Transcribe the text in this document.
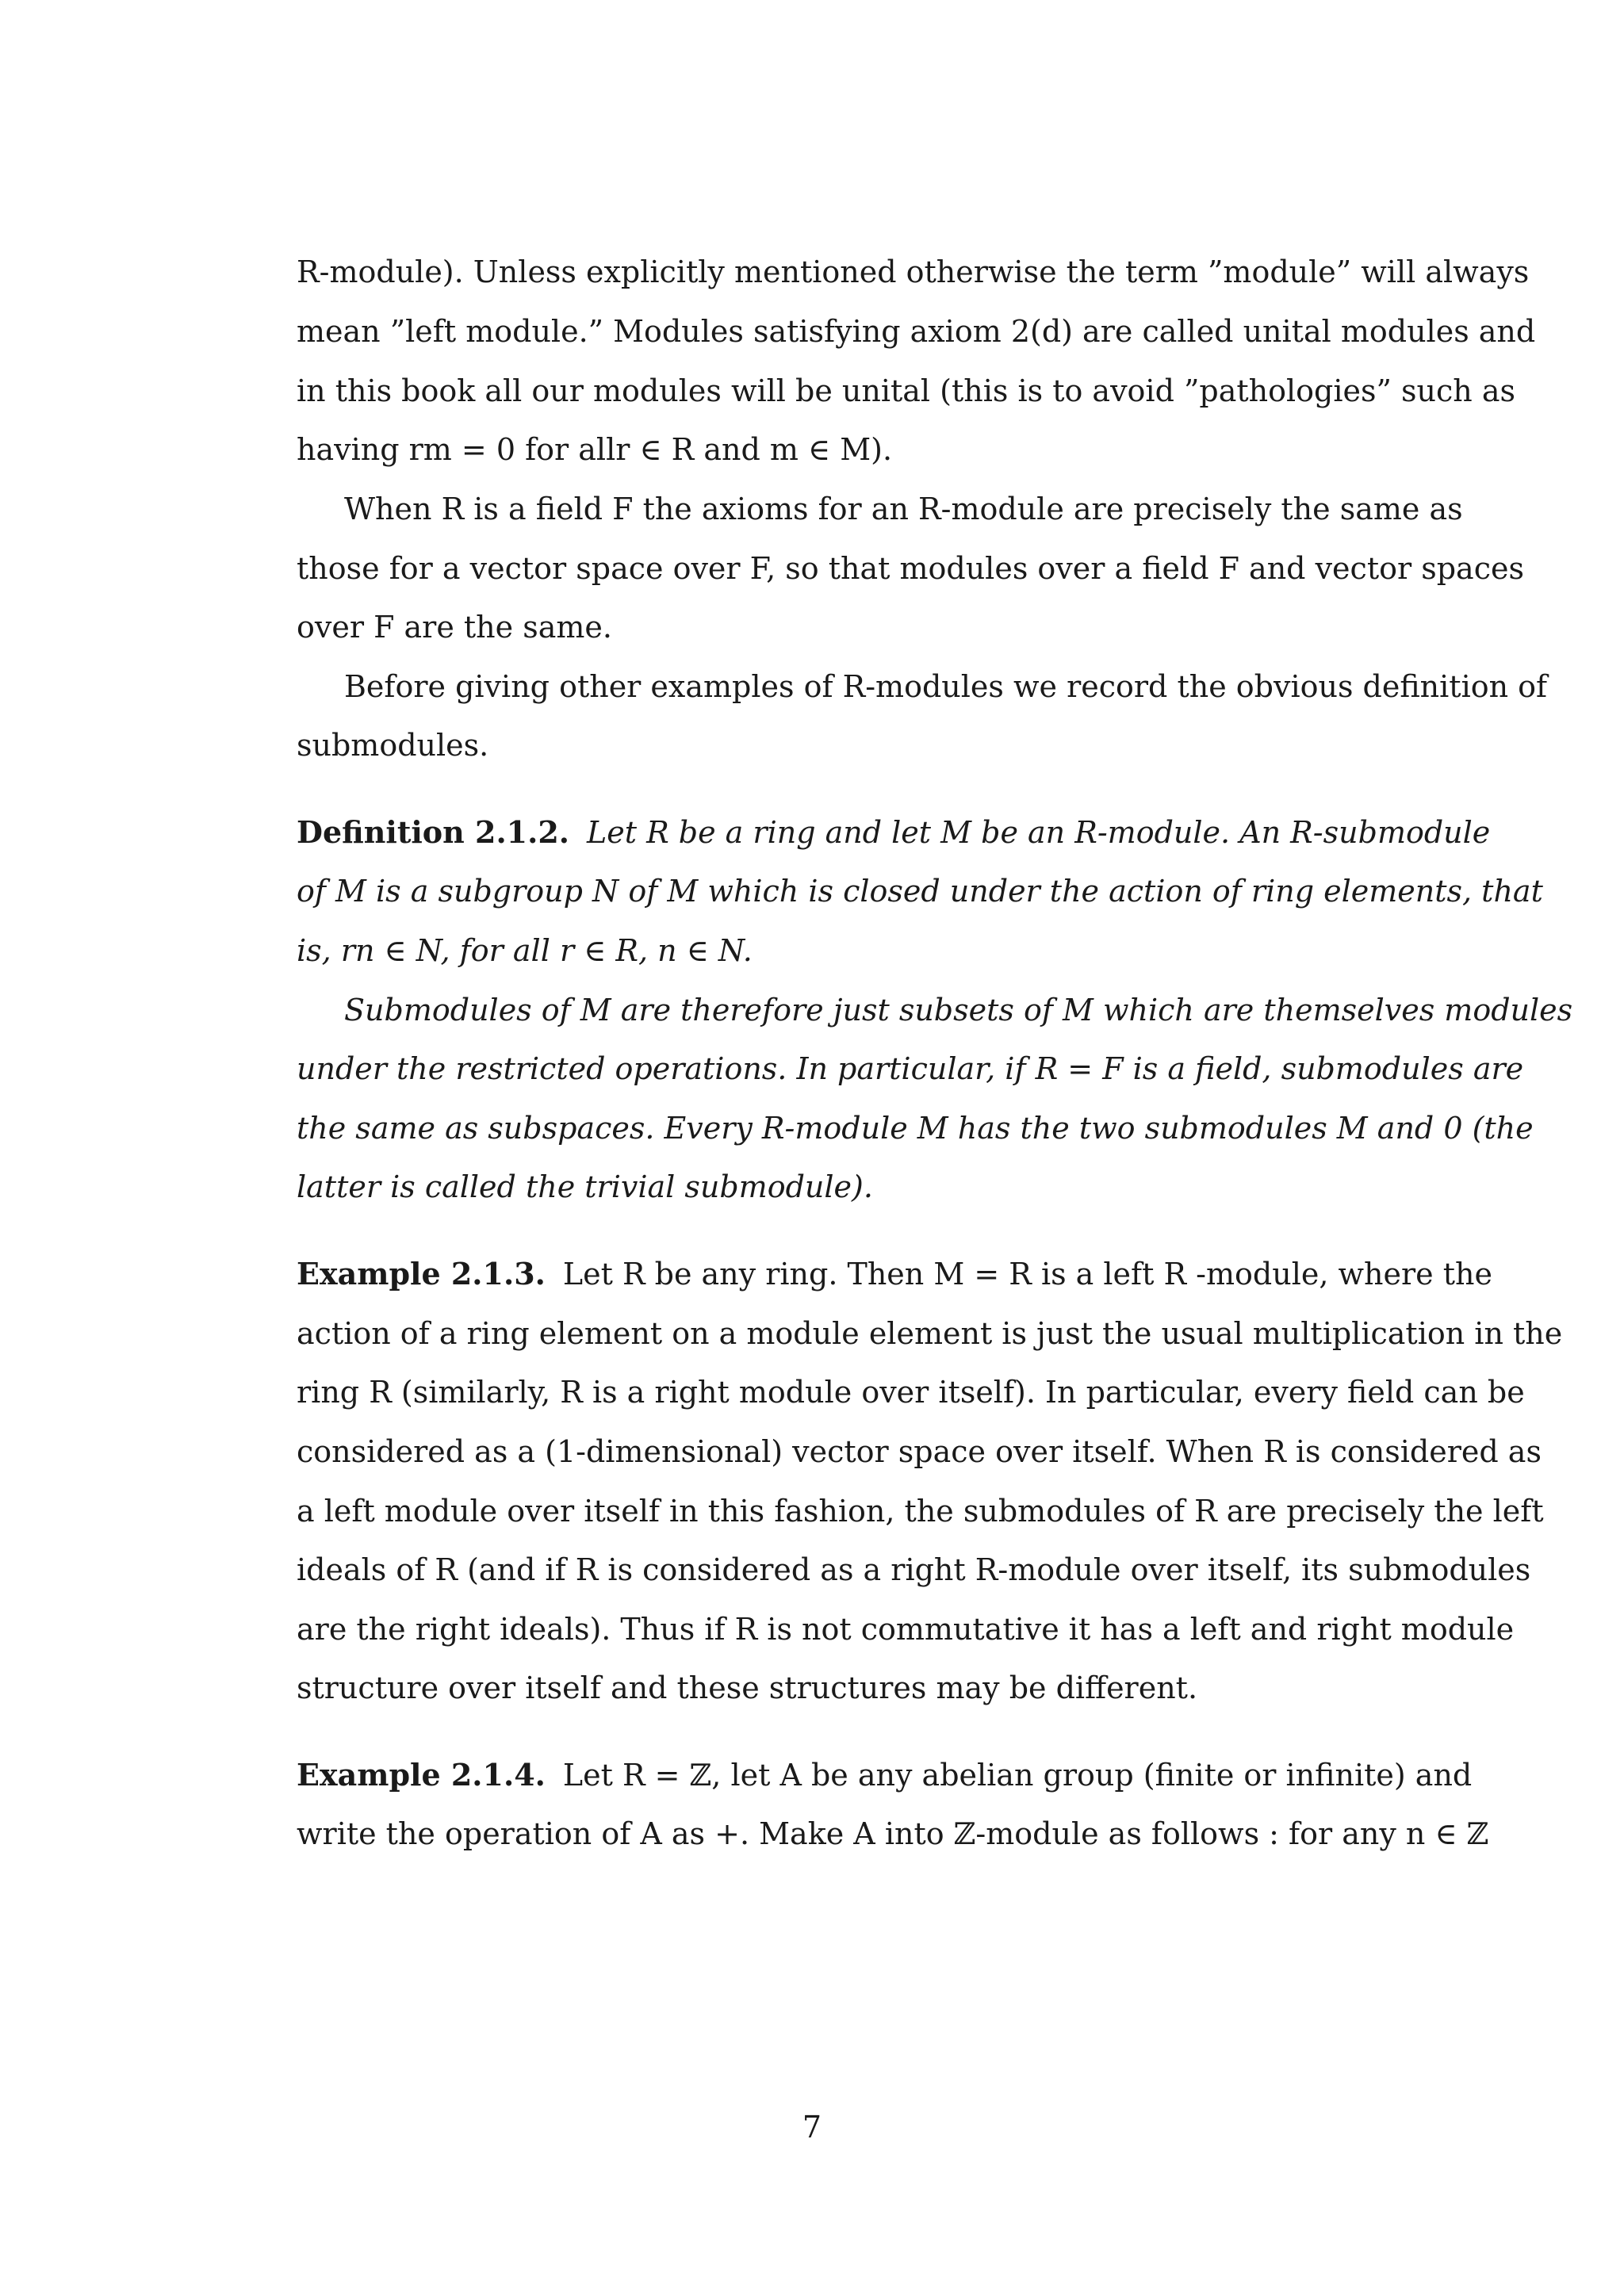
R-module). Unless explicitly mentioned otherwise the term ”module” will always
mean ”left module.” Modules satisfying axiom 2(d) are called unital modules and
in this book all our modules will be unital (this is to avoid ”pathologies” such as
having rm = 0 for allr ∈ R and m ∈ M).
When R is a field F the axioms for an R-module are precisely the same as
those for a vector space over F, so that modules over a field F and vector spaces
over F are the same.
Before giving other examples of R-modules we record the obvious definition of
submodules.
Definition 2.1.2. Let R be a ring and let M be an R-module. An R-submodule
of M is a subgroup N of M which is closed under the action of ring elements, that
is, rn ∈ N, for all r ∈ R, n ∈ N.
Submodules of M are therefore just subsets of M which are themselves modules
under the restricted operations. In particular, if R = F is a field, submodules are
the same as subspaces. Every R-module M has the two submodules M and 0 (the
latter is called the trivial submodule).
Example 2.1.3. Let R be any ring. Then M = R is a left R -module, where the
action of a ring element on a module element is just the usual multiplication in the
ring R (similarly, R is a right module over itself). In particular, every field can be
considered as a (1-dimensional) vector space over itself. When R is considered as
a left module over itself in this fashion, the submodules of R are precisely the left
ideals of R (and if R is considered as a right R-module over itself, its submodules
are the right ideals). Thus if R is not commutative it has a left and right module
structure over itself and these structures may be different.
Example 2.1.4. Let R = ℤ, let A be any abelian group (finite or infinite) and
write the operation of A as +. Make A into ℤ-module as follows : for any n ∈ ℤ
7
